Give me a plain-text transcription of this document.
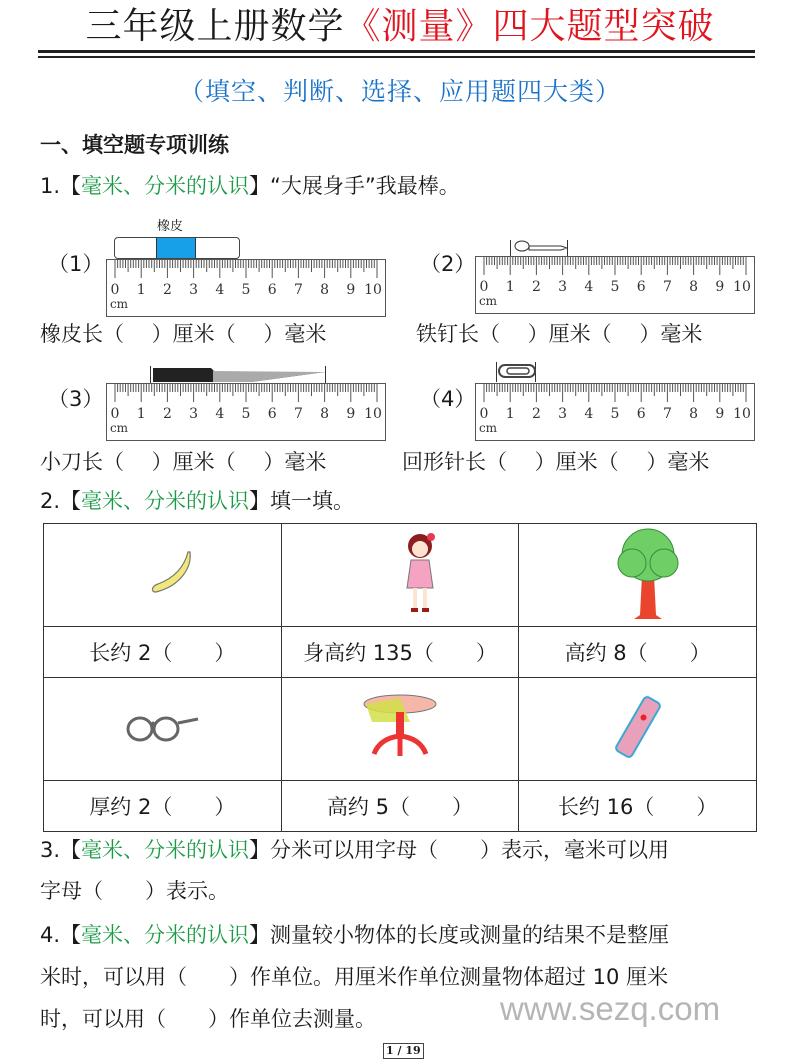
三年级上册数学《测量》四大题型突破
（填空、判断、选择、应用题四大类）
一、填空题专项训练
1.【毫米、分米的认识】“大展身手”我最棒。
（1）
橡皮
0 1 2 3 4 5 6 7 8 9 10
cm
（2）
0 1 2 3 4 5 6 7 8 9 10
cm
橡皮长（　 ）厘米（　 ）毫米	铁钉长（　 ）厘米（　 ）毫米
（3）
0 1 2 3 4 5 6 7 8 9 10
cm
（4）
0 1 2 3 4 5 6 7 8 9 10
cm
小刀长（　 ）厘米（　 ）毫米	回形针长（　 ）厘米（　 ）毫米
2.【毫米、分米的认识】填一填。

长约 2（　　）	身高约 135（　　）	高约 8（　　）

厚约 2（　　）	高约 5（　　）	长约 16（　　）
3.【毫米、分米的认识】分米可以用字母（　　）表示，毫米可以用
字母（　　）表示。
4.【毫米、分米的认识】测量较小物体的长度或测量的结果不是整厘
米时，可以用（　　）作单位。用厘米作单位测量物体超过 10 厘米
时，可以用（　　）作单位去测量。	www.sezq.com
1 / 19
